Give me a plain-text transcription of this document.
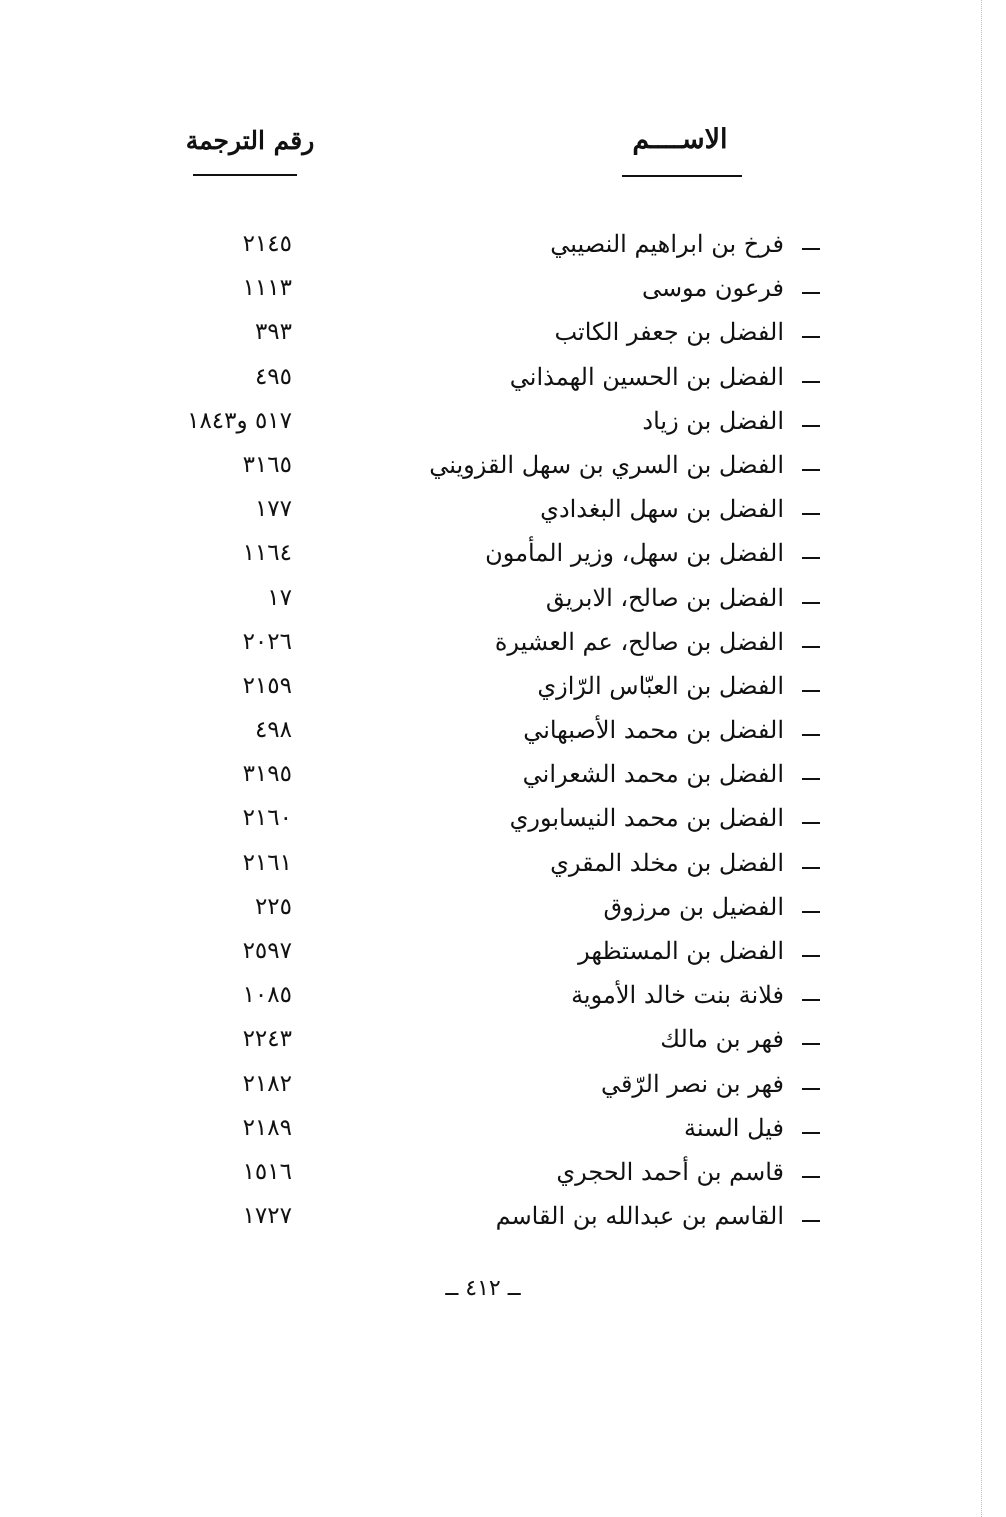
الاســــم
رقم الترجمة
فرخ بن ابراهيم النصيبي
٢١٤٥
فرعون موسى
١١١٣
الفضل بن جعفر الكاتب
٣٩٣
الفضل بن الحسين الهمذاني
٤٩٥
الفضل بن زياد
٥١٧ و١٨٤٣
الفضل بن السري بن سهل القزويني
٣١٦٥
الفضل بن سهل البغدادي
١٧٧
الفضل بن سهل، وزير المأمون
١١٦٤
الفضل بن صالح، الابريق
١٧
الفضل بن صالح، عم العشيرة
٢٠٢٦
الفضل بن العبّاس الرّازي
٢١٥٩
الفضل بن محمد الأصبهاني
٤٩٨
الفضل بن محمد الشعراني
٣١٩٥
الفضل بن محمد النيسابوري
٢١٦٠
الفضل بن مخلد المقري
٢١٦١
الفضيل بن مرزوق
٢٢٥
الفضل بن المستظهر
٢٥٩٧
فلانة بنت خالد الأموية
١٠٨٥
فهر بن مالك
٢٢٤٣
فهر بن نصر الرّقي
٢١٨٢
فيل السنة
٢١٨٩
قاسم بن أحمد الحجري
١٥١٦
القاسم بن عبدالله بن القاسم
١٧٢٧
ــ ٤١٢ ــ
